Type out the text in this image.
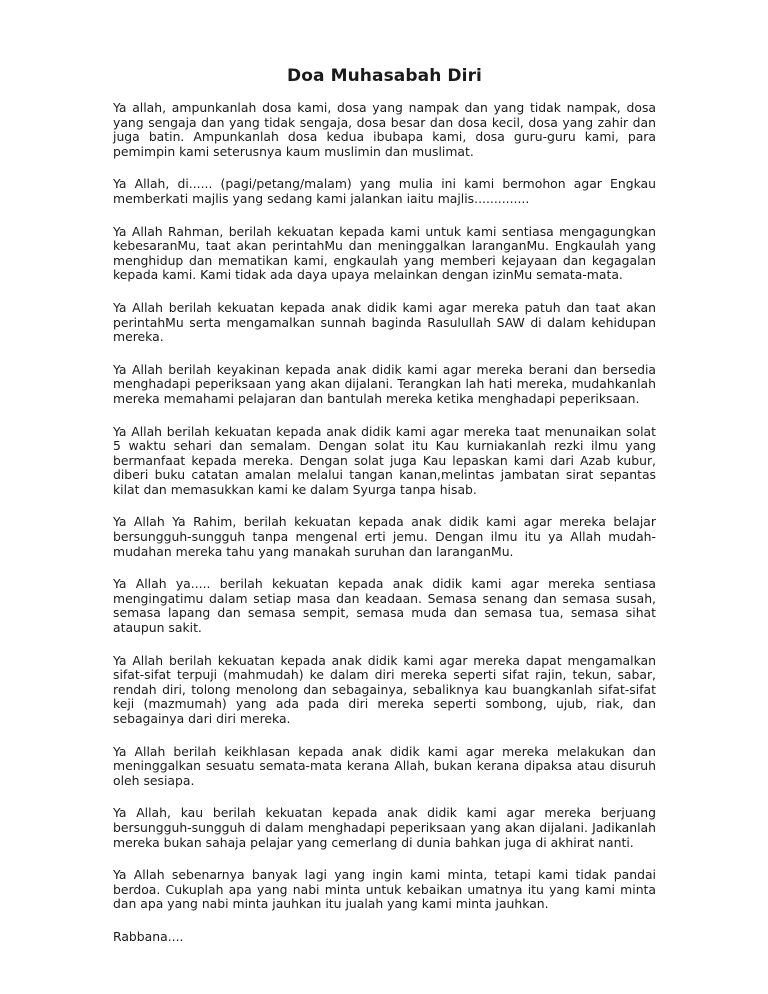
Doa Muhasabah Diri

Ya allah, ampunkanlah dosa kami, dosa yang nampak dan yang tidak nampak, dosa yang sengaja dan yang tidak sengaja, dosa besar dan dosa kecil, dosa yang zahir dan juga batin. Ampunkanlah dosa kedua ibubapa kami, dosa guru-guru kami, para pemimpin kami seterusnya kaum muslimin dan muslimat.

Ya Allah, di...... (pagi/petang/malam) yang mulia ini kami bermohon agar Engkau memberkati majlis yang sedang kami jalankan iaitu majlis..............

Ya Allah Rahman, berilah kekuatan kepada kami untuk kami sentiasa mengagungkan kebesaranMu, taat akan perintahMu dan meninggalkan laranganMu. Engkaulah yang menghidup dan mematikan kami, engkaulah yang memberi kejayaan dan kegagalan kepada kami. Kami tidak ada daya upaya melainkan dengan izinMu semata-mata.

Ya Allah berilah kekuatan kepada anak didik kami agar mereka patuh dan taat akan perintahMu serta mengamalkan sunnah baginda Rasulullah SAW di dalam kehidupan mereka.

Ya Allah berilah keyakinan kepada anak didik kami agar mereka berani dan bersedia menghadapi peperiksaan yang akan dijalani. Terangkan lah hati mereka, mudahkanlah mereka memahami pelajaran dan bantulah mereka ketika menghadapi peperiksaan.

Ya Allah berilah kekuatan kepada anak didik kami agar mereka taat menunaikan solat 5 waktu sehari dan semalam. Dengan solat itu Kau kurniakanlah rezki ilmu yang bermanfaat kepada mereka. Dengan solat juga Kau lepaskan kami dari Azab kubur, diberi buku catatan amalan melalui tangan kanan,melintas jambatan sirat sepantas kilat dan memasukkan kami ke dalam Syurga tanpa hisab.

Ya Allah Ya Rahim, berilah kekuatan kepada anak didik kami agar mereka belajar bersungguh-sungguh tanpa mengenal erti jemu. Dengan ilmu itu ya Allah mudah-mudahan mereka tahu yang manakah suruhan dan laranganMu.

Ya Allah ya..... berilah kekuatan kepada anak didik kami agar mereka sentiasa mengingatimu dalam setiap masa dan keadaan. Semasa senang dan semasa susah, semasa lapang dan semasa sempit, semasa muda dan semasa tua, semasa sihat ataupun sakit.

Ya Allah berilah kekuatan kepada anak didik kami agar mereka dapat mengamalkan sifat-sifat terpuji (mahmudah) ke dalam diri mereka seperti sifat rajin, tekun, sabar, rendah diri, tolong menolong dan sebagainya, sebaliknya kau buangkanlah sifat-sifat keji (mazmumah) yang ada pada diri mereka seperti sombong, ujub, riak, dan sebagainya dari diri mereka.

Ya Allah berilah keikhlasan kepada anak didik kami agar mereka melakukan dan meninggalkan sesuatu semata-mata kerana Allah, bukan kerana dipaksa atau disuruh oleh sesiapa.

Ya Allah, kau berilah kekuatan kepada anak didik kami agar mereka berjuang bersungguh-sungguh di dalam menghadapi peperiksaan yang akan dijalani. Jadikanlah mereka bukan sahaja pelajar yang cemerlang di dunia bahkan juga di akhirat nanti.

Ya Allah sebenarnya banyak lagi yang ingin kami minta, tetapi kami tidak pandai berdoa. Cukuplah apa yang nabi minta untuk kebaikan umatnya itu yang kami minta dan apa yang nabi minta jauhkan itu jualah yang kami minta jauhkan.

Rabbana....
